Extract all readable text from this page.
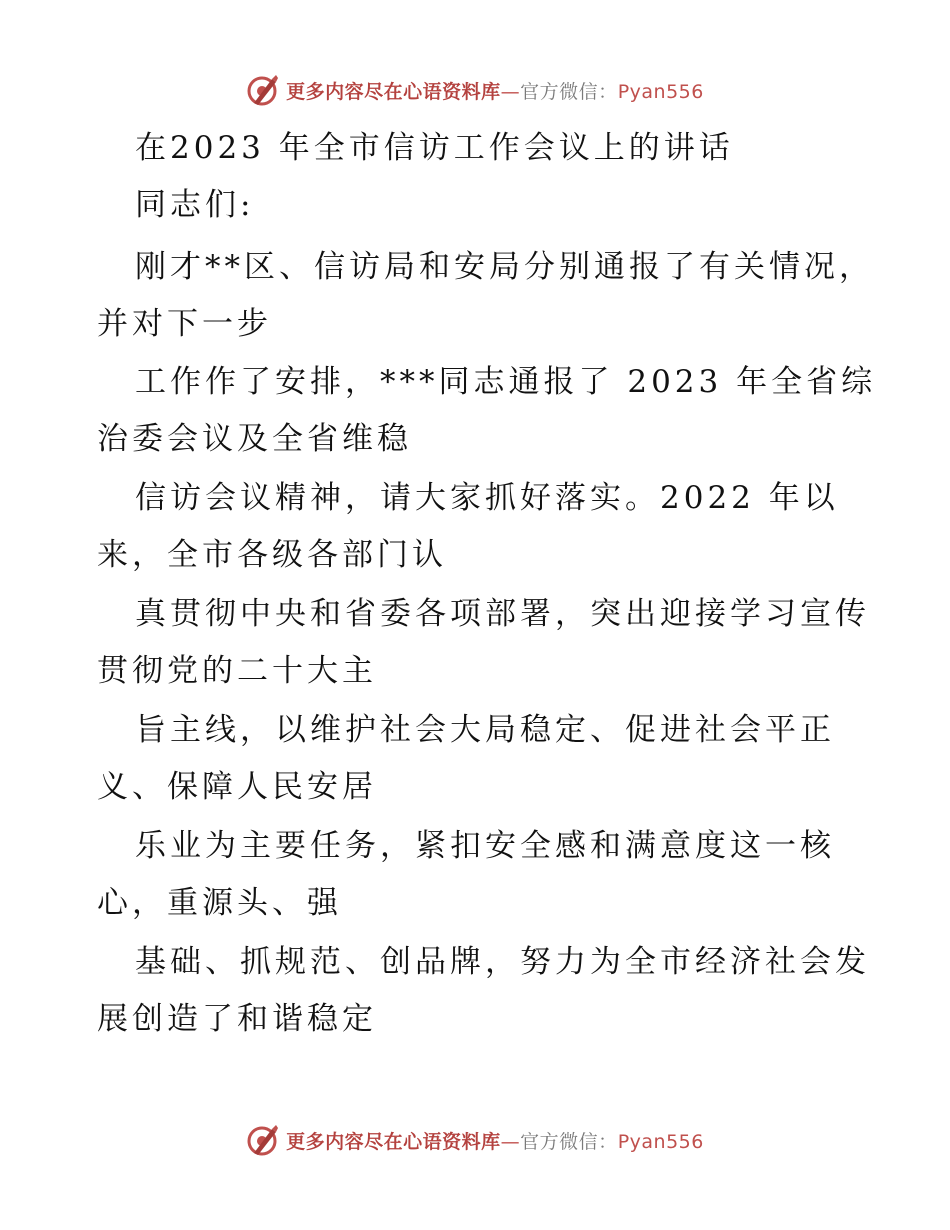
更多内容尽在心语资料库—官方微信：Pyan556
在2023 年全市信访工作会议上的讲话
同志们:
刚才**区、信访局和安局分别通报了有关情况，
并对下一步
工作作了安排，***同志通报了 2023 年全省综
治委会议及全省维稳
信访会议精神，请大家抓好落实。2022 年以
来，全市各级各部门认
真贯彻中央和省委各项部署，突出迎接学习宣传
贯彻党的二十大主
旨主线，以维护社会大局稳定、促进社会平正
义、保障人民安居
乐业为主要任务，紧扣安全感和满意度这一核
心，重源头、强
基础、抓规范、创品牌，努力为全市经济社会发
展创造了和谐稳定
更多内容尽在心语资料库—官方微信：Pyan556
